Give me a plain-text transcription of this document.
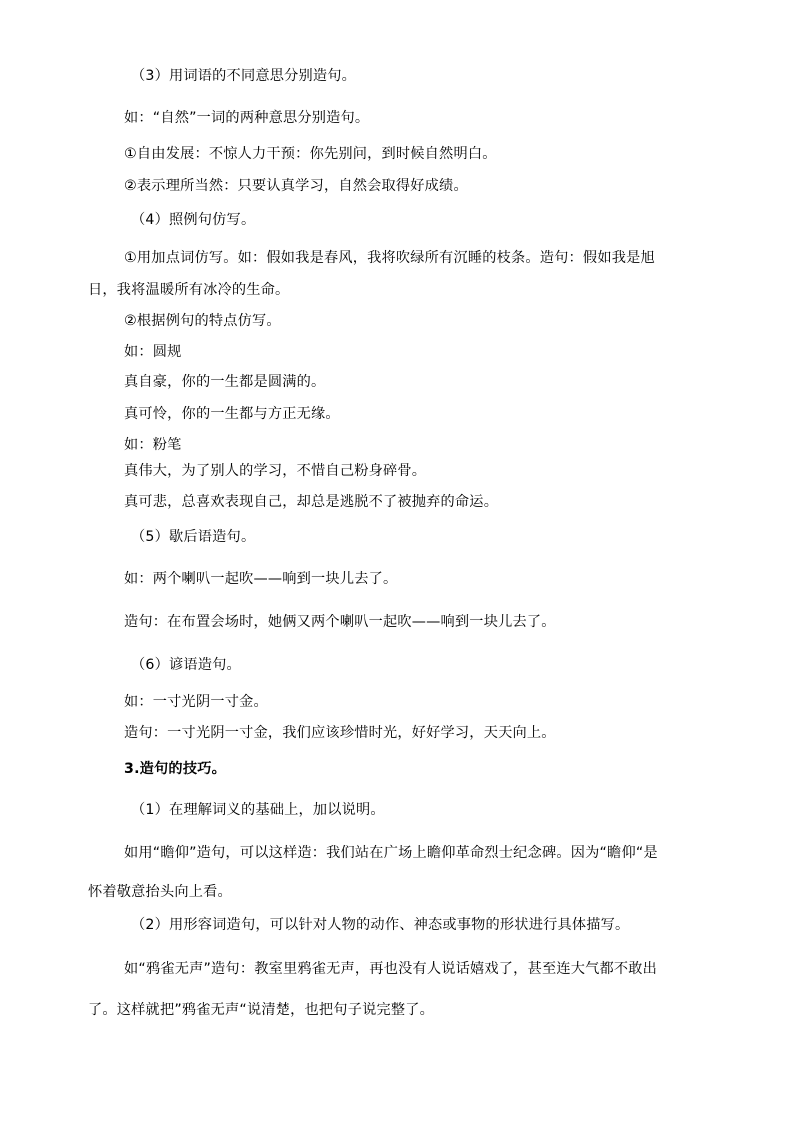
（3）用词语的不同意思分别造句。
如：“自然”一词的两种意思分别造句。
①自由发展：不惊人力干预：你先别问，到时候自然明白。
②表示理所当然：只要认真学习，自然会取得好成绩。
（4）照例句仿写。
①用加点词仿写。如：假如我是春风，我将吹绿所有沉睡的枝条。造句：假如我是旭
日，我将温暖所有冰冷的生命。
②根据例句的特点仿写。
如：圆规
真自豪，你的一生都是圆满的。
真可怜，你的一生都与方正无缘。
如：粉笔
真伟大，为了别人的学习，不惜自己粉身碎骨。
真可悲，总喜欢表现自己，却总是逃脱不了被抛弃的命运。
（5）歇后语造句。
如：两个喇叭一起吹——响到一块儿去了。
造句：在布置会场时，她俩又两个喇叭一起吹——响到一块儿去了。
（6）谚语造句。
如：一寸光阴一寸金。
造句：一寸光阴一寸金，我们应该珍惜时光，好好学习，天天向上。
3.造句的技巧。
（1）在理解词义的基础上，加以说明。
如用“瞻仰”造句，可以这样造：我们站在广场上瞻仰革命烈士纪念碑。因为“瞻仰“是
怀着敬意抬头向上看。
（2）用形容词造句，可以针对人物的动作、神态或事物的形状进行具体描写。
如“鸦雀无声”造句：教室里鸦雀无声，再也没有人说话嬉戏了，甚至连大气都不敢出
了。这样就把”鸦雀无声“说清楚，也把句子说完整了。
